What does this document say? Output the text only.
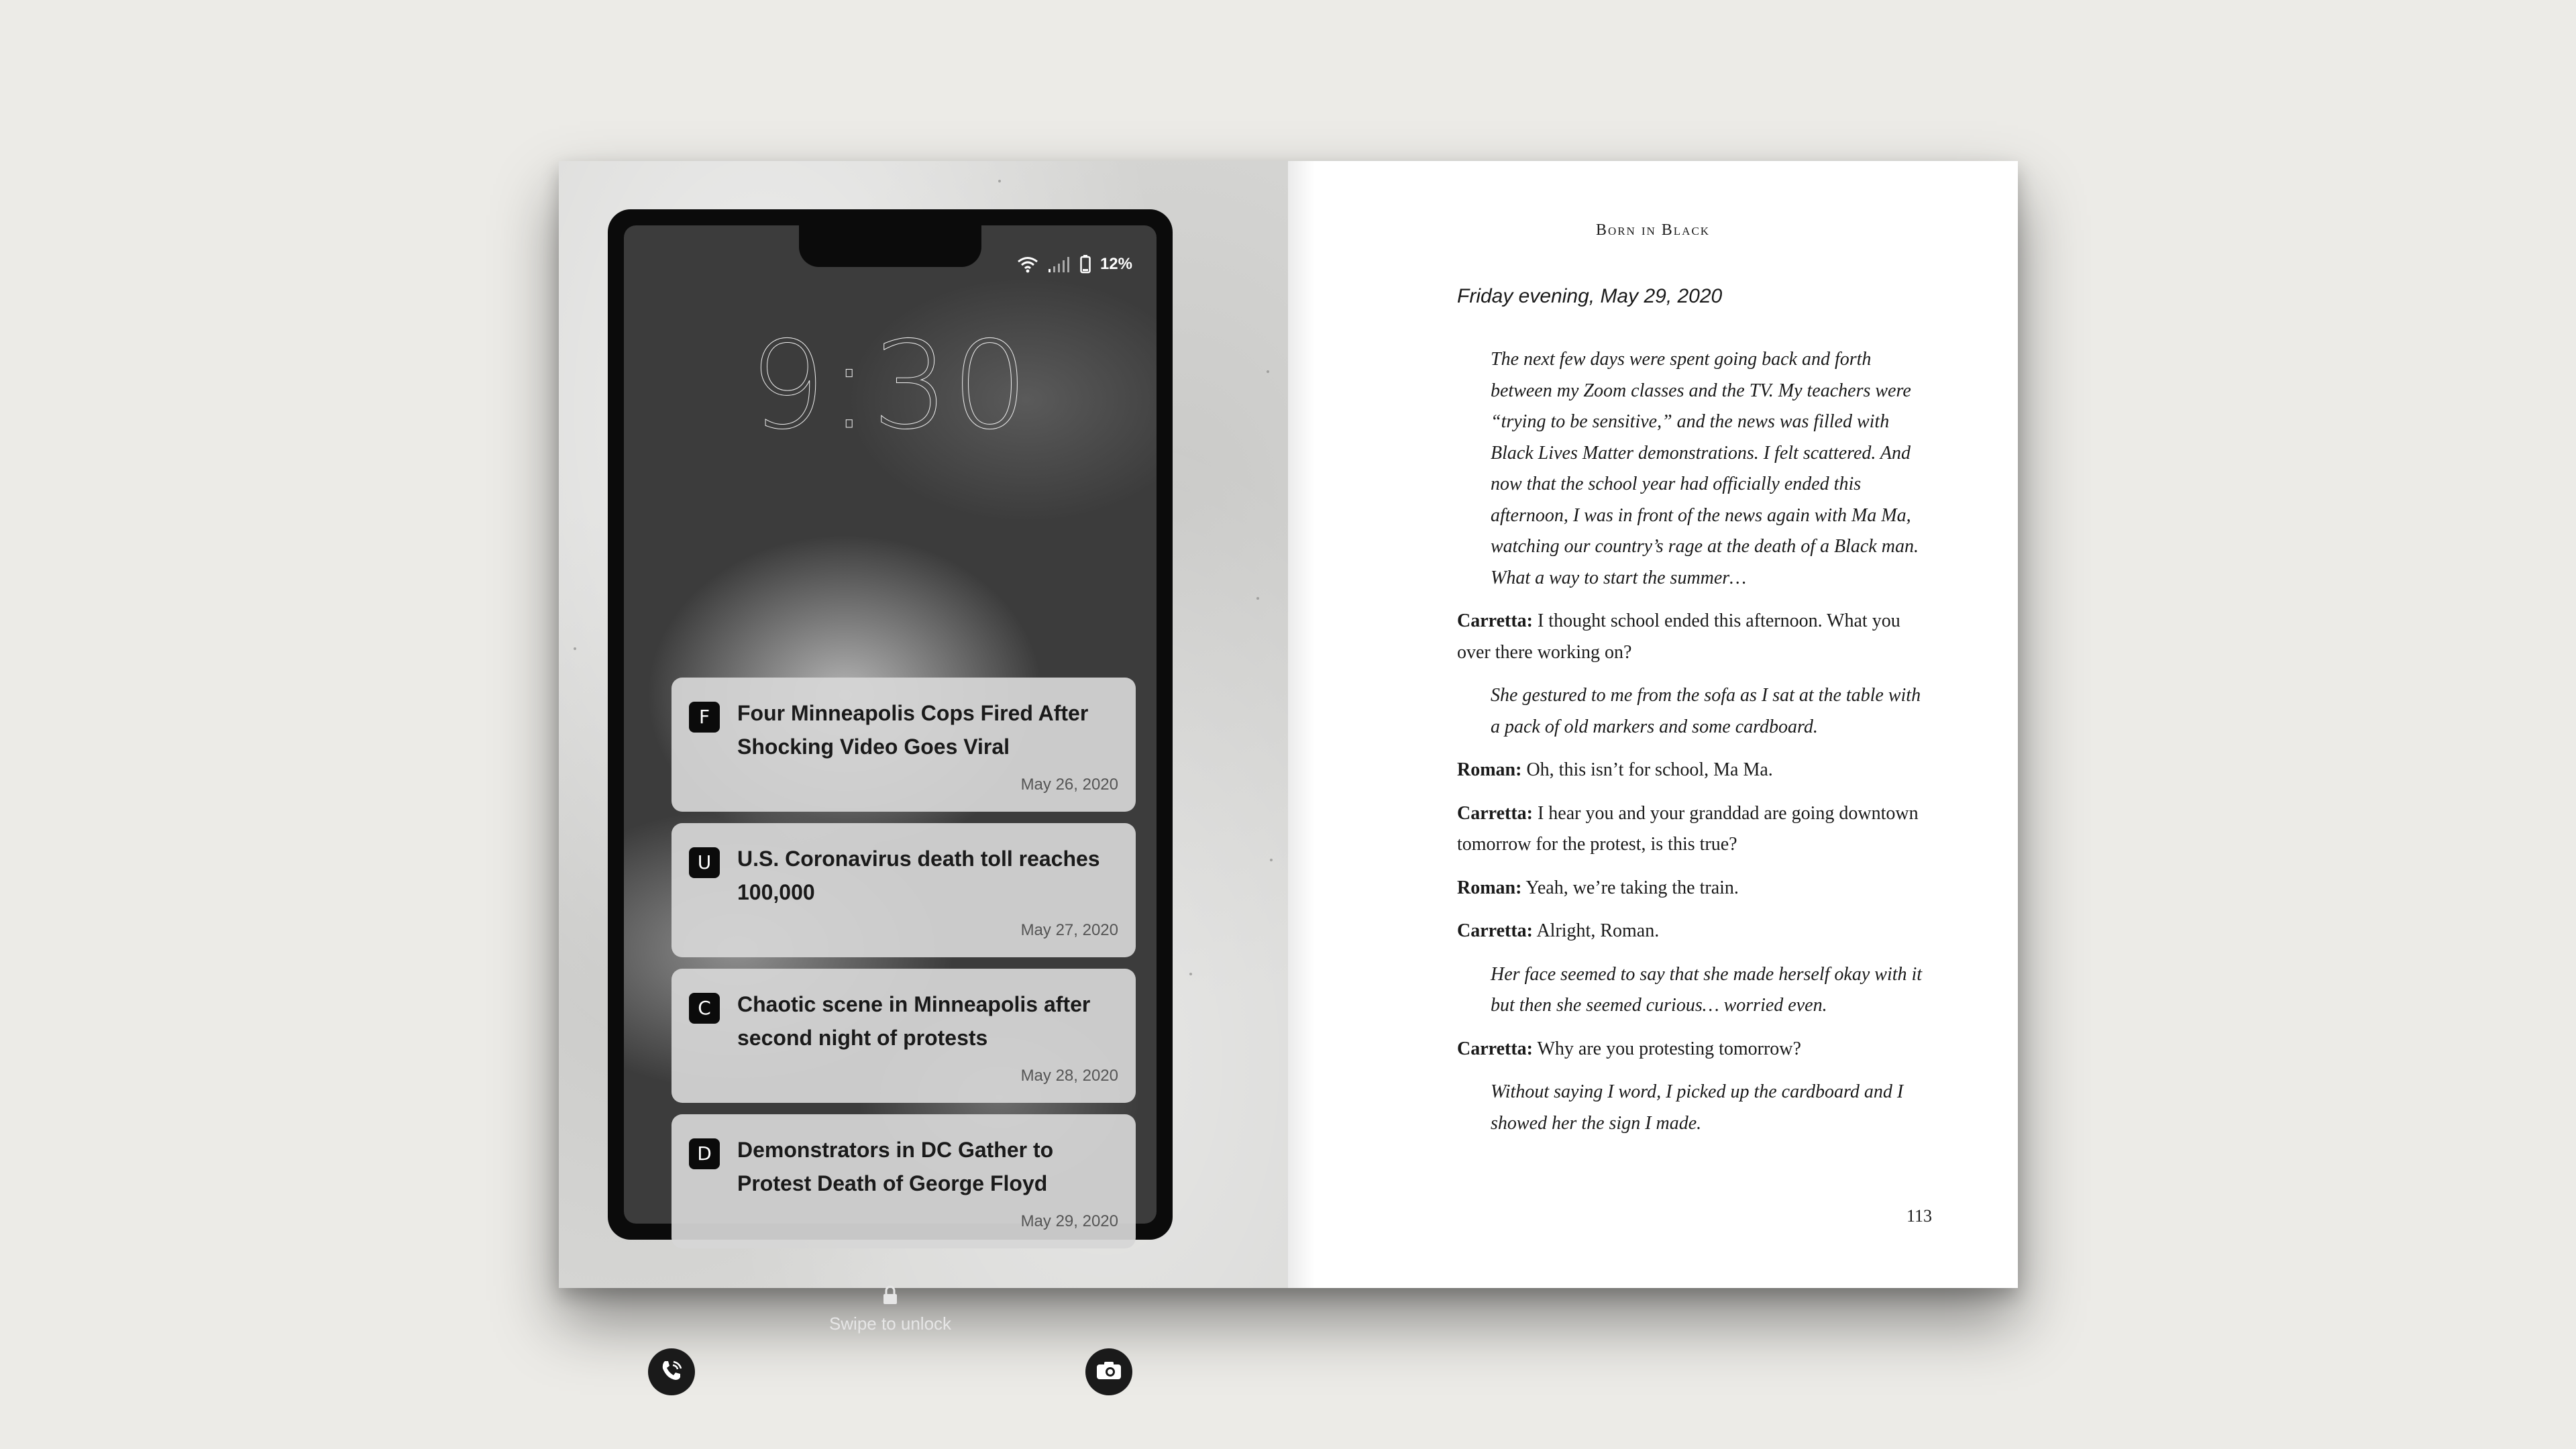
12%
9:30
F	Four Minneapolis Cops Fired After Shocking Video Goes Viral
May 26, 2020
U	U.S. Coronavirus death toll reaches 100,000
May 27, 2020
C	Chaotic scene in Minneapolis after second night of protests
May 28, 2020
D	Demonstrators in DC Gather to Protest Death of George Floyd
May 29, 2020
Swipe to unlock
Born in Black
Friday evening, May 29, 2020

The next few days were spent going back and forth between my Zoom classes and the TV. My teachers were “trying to be sensitive,” and the news was filled with Black Lives Matter demonstrations. I felt scattered. And now that the school year had officially ended this afternoon, I was in front of the news again with Ma Ma, watching our country’s rage at the death of a Black man. What a way to start the summer…

Carretta: I thought school ended this afternoon. What you over there working on?

She gestured to me from the sofa as I sat at the table with a pack of old markers and some cardboard.

Roman: Oh, this isn’t for school, Ma Ma.

Carretta: I hear you and your granddad are going downtown tomorrow for the protest, is this true?

Roman: Yeah, we’re taking the train.

Carretta: Alright, Roman.

Her face seemed to say that she made herself okay with it but then she seemed curious… worried even.

Carretta: Why are you protesting tomorrow?

Without saying I word, I picked up the cardboard and I showed her the sign I made.

113
